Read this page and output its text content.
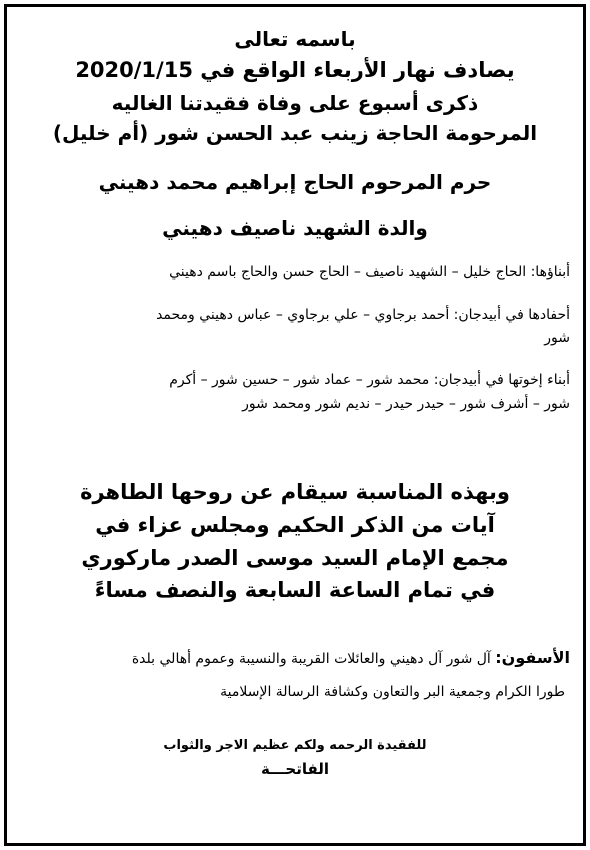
باسمه تعالى
يصادف نهار الأربعاء الواقع في 2020/1/15
ذكرى أسبوع على وفاة فقيدتنا الغاليه
المرحومة الحاجة زينب عبد الحسن شور (أم خليل)
حرم المرحوم الحاج إبراهيم محمد دهيني
والدة الشهيد ناصيف دهيني
أبناؤها: الحاج خليل – الشهيد ناصيف – الحاج حسن والحاج باسم دهيني
أحفادها في أبيدجان: أحمد برجاوي – علي برجاوي – عباس دهيني ومحمد
شور
أبناء إخوتها في أبيدجان: محمد شور – عماد شور – حسين شور – أكرم
شور – أشرف شور – حيدر حيدر – نديم شور ومحمد شور
وبهذه المناسبة سيقام عن روحها الطاهرة
آيات من الذكر الحكيم ومجلس عزاء في
مجمع الإمام السيد موسى الصدر ماركوري
في تمام الساعة السابعة والنصف مساءً
الأسفون: آل شور آل دهيني والعائلات القريبة والنسيبة وعموم أهالي بلدة
طورا الكرام وجمعية البر والتعاون وكشافة الرسالة الإسلامية
للفقيدة الرحمه ولكم عظيم الاجر والثواب
الفاتحـــة
